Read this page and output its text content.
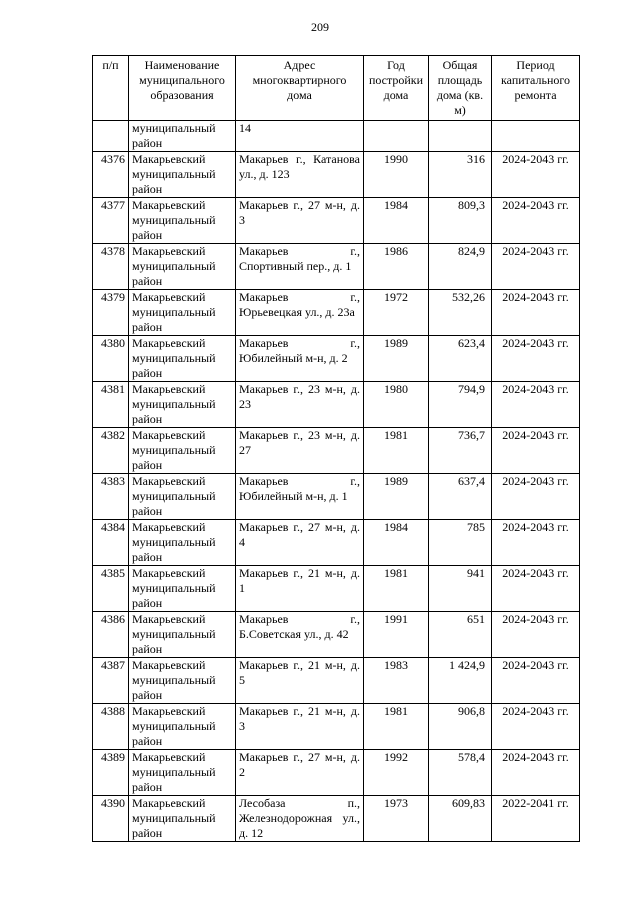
209
п/п	Наименование муниципального образования	Адрес многоквартирного дома	Год постройки дома	Общая площадь дома (кв. м)	Период капитального ремонта
	муниципальный район	14			
4376	Макарьевский муниципальный район	Макарьев г., Катанова ул., д. 123	1990	316	2024-2043 гг.
4377	Макарьевский муниципальный район	Макарьев г., 27 м-н, д. 3	1984	809,3	2024-2043 гг.
4378	Макарьевский муниципальный район	Макарьев г., Спортивный пер., д. 1	1986	824,9	2024-2043 гг.
4379	Макарьевский муниципальный район	Макарьев г., Юрьевецкая ул., д. 23а	1972	532,26	2024-2043 гг.
4380	Макарьевский муниципальный район	Макарьев г., Юбилейный м-н, д. 2	1989	623,4	2024-2043 гг.
4381	Макарьевский муниципальный район	Макарьев г., 23 м-н, д. 23	1980	794,9	2024-2043 гг.
4382	Макарьевский муниципальный район	Макарьев г., 23 м-н, д. 27	1981	736,7	2024-2043 гг.
4383	Макарьевский муниципальный район	Макарьев г., Юбилейный м-н, д. 1	1989	637,4	2024-2043 гг.
4384	Макарьевский муниципальный район	Макарьев г., 27 м-н, д. 4	1984	785	2024-2043 гг.
4385	Макарьевский муниципальный район	Макарьев г., 21 м-н, д. 1	1981	941	2024-2043 гг.
4386	Макарьевский муниципальный район	Макарьев г., Б.Советская ул., д. 42	1991	651	2024-2043 гг.
4387	Макарьевский муниципальный район	Макарьев г., 21 м-н, д. 5	1983	1 424,9	2024-2043 гг.
4388	Макарьевский муниципальный район	Макарьев г., 21 м-н, д. 3	1981	906,8	2024-2043 гг.
4389	Макарьевский муниципальный район	Макарьев г., 27 м-н, д. 2	1992	578,4	2024-2043 гг.
4390	Макарьевский муниципальный район	Лесобаза п., Железнодорожная ул., д. 12	1973	609,83	2022-2041 гг.
